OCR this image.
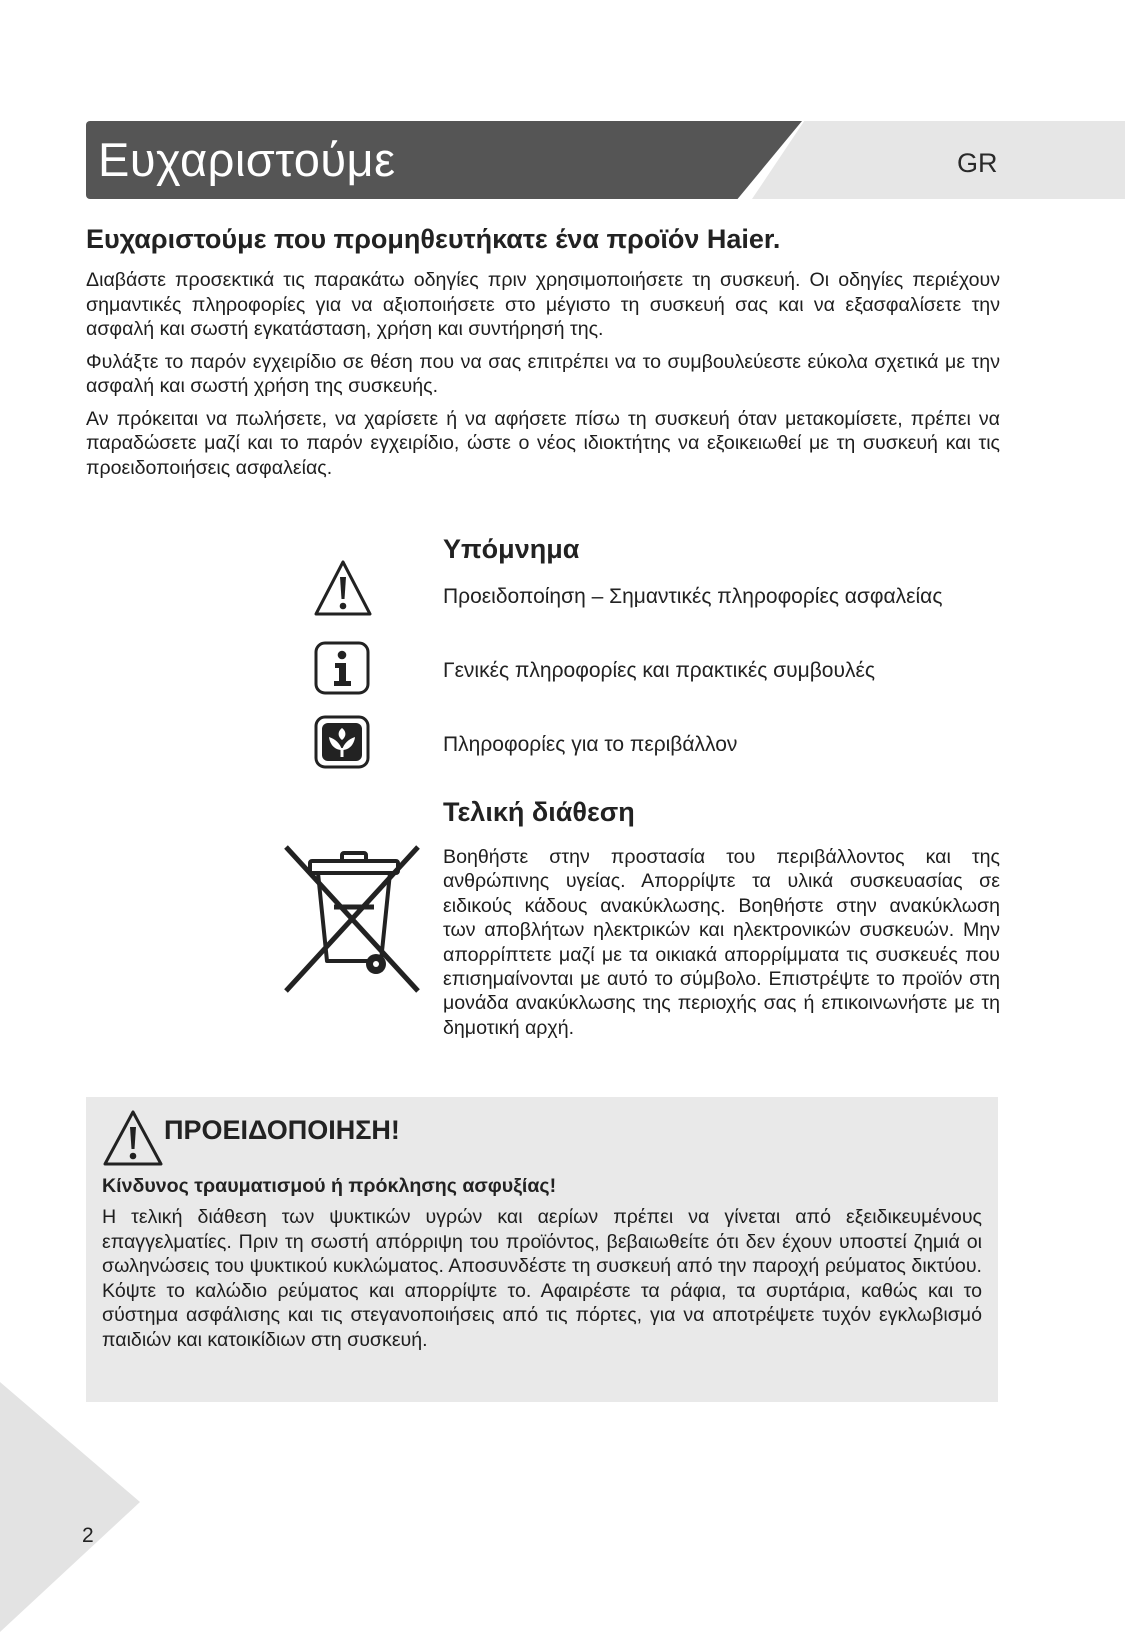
Ευχαριστούμε	GR
Ευχαριστούμε που προμηθευτήκατε ένα προϊόν Haier.

Διαβάστε προσεκτικά τις παρακάτω οδηγίες πριν χρησιμοποιήσετε τη συσκευή. Οι οδηγίες περιέχουν σημαντικές πληροφορίες για να αξιοποιήσετε στο μέγιστο τη συσκευή σας και να εξασφαλίσετε την ασφαλή και σωστή εγκατάσταση, χρήση και συντήρησή της.

Φυλάξτε το παρόν εγχειρίδιο σε θέση που να σας επιτρέπει να το συμβουλεύεστε εύκολα σχετικά με την ασφαλή και σωστή χρήση της συσκευής.

Αν πρόκειται να πωλήσετε, να χαρίσετε ή να αφήσετε πίσω τη συσκευή όταν μετακομίσετε, πρέπει να παραδώσετε μαζί και το παρόν εγχειρίδιο, ώστε ο νέος ιδιοκτήτης να εξοικειωθεί με τη συσκευή και τις προειδοποιήσεις ασφαλείας.

Υπόμνημα
Προειδοποίηση – Σημαντικές πληροφορίες ασφαλείας
Γενικές πληροφορίες και πρακτικές συμβουλές
Πληροφορίες για το περιβάλλον
Τελική διάθεση

Βοηθήστε στην προστασία του περιβάλλοντος και της ανθρώπινης υγείας. Απορρίψτε τα υλικά συσκευασίας σε ειδικούς κάδους ανακύκλωσης. Βοηθήστε στην ανακύκλωση των αποβλήτων ηλεκτρικών και ηλεκτρονικών συσκευών. Μην απορρίπτετε μαζί με τα οικιακά απορρίμματα τις συσκευές που επισημαίνονται με αυτό το σύμβολο. Επιστρέψτε το προϊόν στη μονάδα ανακύκλωσης της περιοχής σας ή επικοινωνήστε με τη δημοτική αρχή.

ΠΡΟΕΙΔΟΠΟΙΗΣΗ!
Κίνδυνος τραυματισμού ή πρόκλησης ασφυξίας!

Η τελική διάθεση των ψυκτικών υγρών και αερίων πρέπει να γίνεται από εξειδικευμένους επαγγελματίες. Πριν τη σωστή απόρριψη του προϊόντος, βεβαιωθείτε ότι δεν έχουν υποστεί ζημιά οι σωληνώσεις του ψυκτικού κυκλώματος. Αποσυνδέστε τη συσκευή από την παροχή ρεύματος δικτύου. Κόψτε το καλώδιο ρεύματος και απορρίψτε το. Αφαιρέστε τα ράφια, τα συρτάρια, καθώς και το σύστημα ασφάλισης και τις στεγανοποιήσεις από τις πόρτες, για να αποτρέψετε τυχόν εγκλωβισμό παιδιών και κατοικίδιων στη συσκευή.

2
